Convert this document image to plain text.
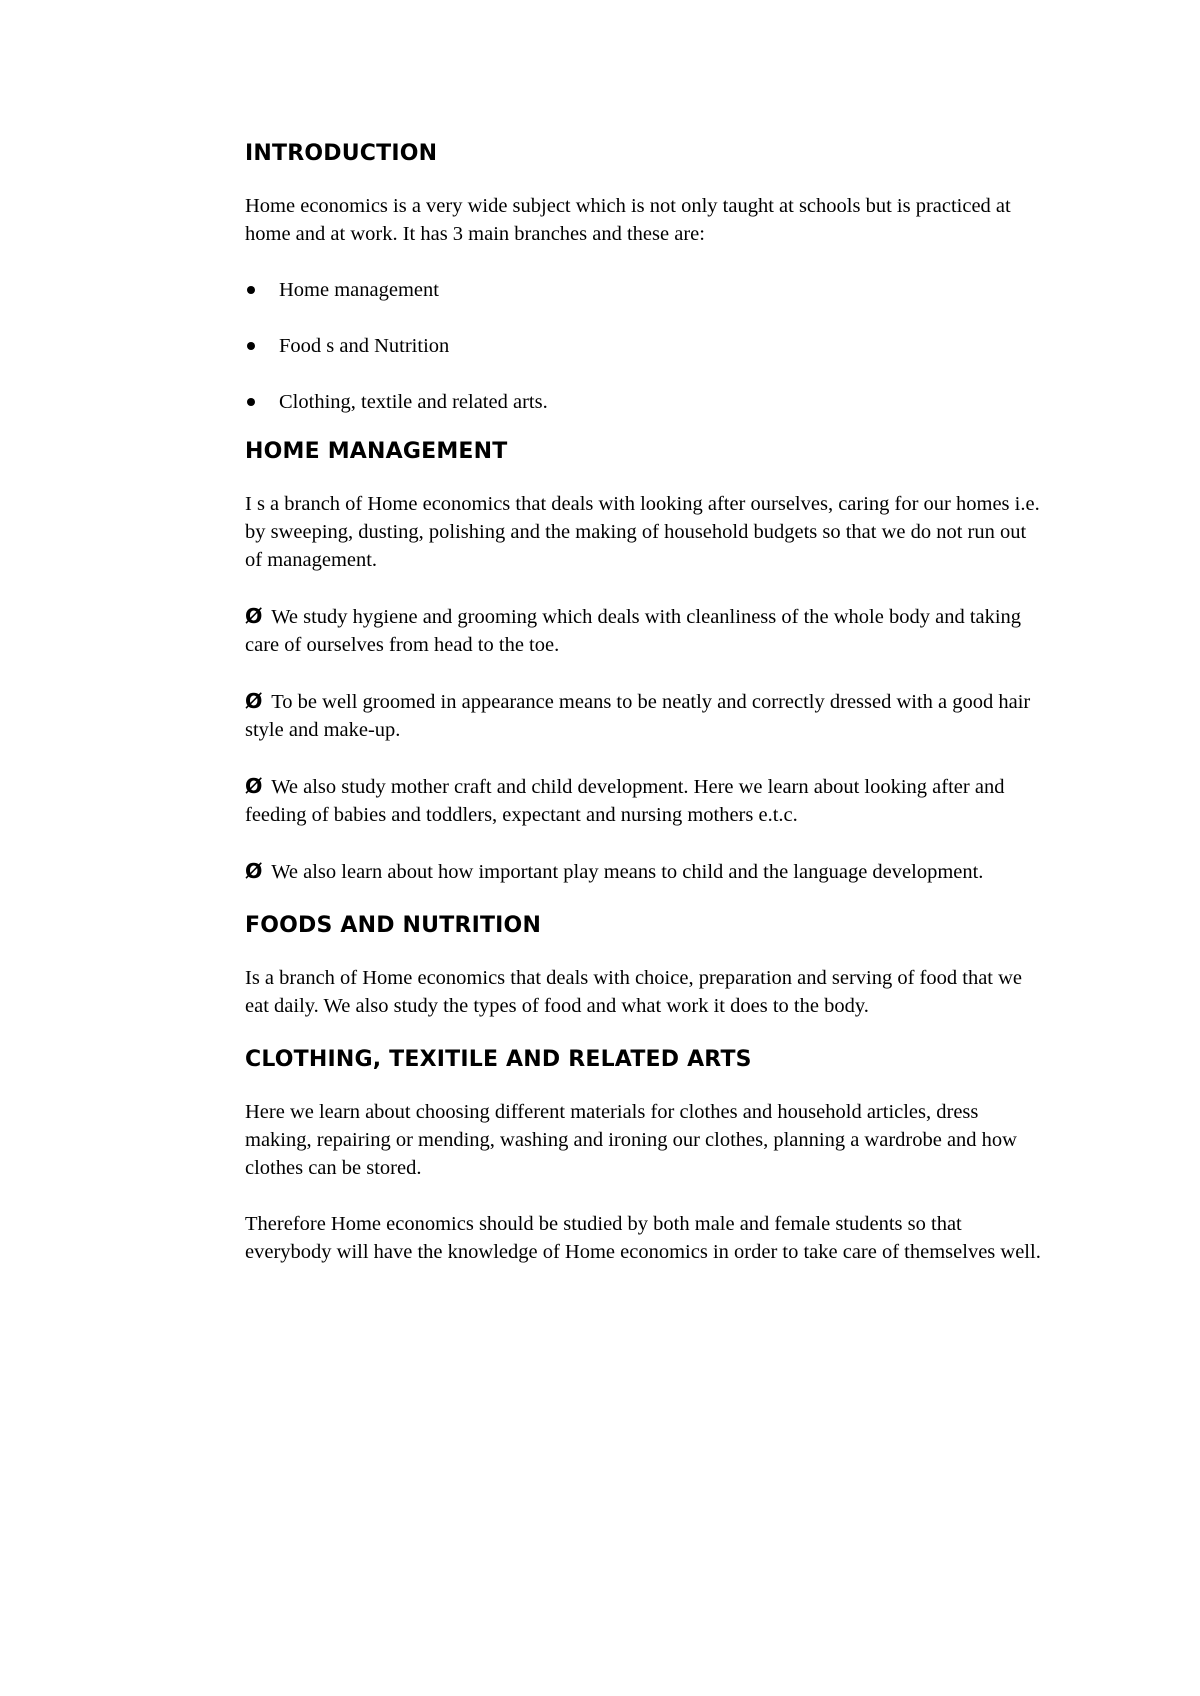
INTRODUCTION

Home economics is a very wide subject which is not only taught at schools but is practiced at home and at work. It has 3 main branches and these are:

Home management
Food s and Nutrition
Clothing, textile and related arts.
HOME MANAGEMENT

I s a branch of Home economics that deals with looking after ourselves, caring for our homes i.e. by sweeping, dusting, polishing and the making of household budgets so that we do not run out of management.

Ø We study hygiene and grooming which deals with cleanliness of the whole body and taking care of ourselves from head to the toe.

Ø To be well groomed in appearance means to be neatly and correctly dressed with a good hair style and make-up.

Ø We also study mother craft and child development. Here we learn about looking after and feeding of babies and toddlers, expectant and nursing mothers e.t.c.

Ø We also learn about how important play means to child and the language development.

FOODS AND NUTRITION

Is a branch of Home economics that deals with choice, preparation and serving of food that we eat daily. We also study the types of food and what work it does to the body.

CLOTHING, TEXITILE AND RELATED ARTS

Here we learn about choosing different materials for clothes and household articles, dress making, repairing or mending, washing and ironing our clothes, planning a wardrobe and how clothes can be stored.

Therefore Home economics should be studied by both male and female students so that everybody will have the knowledge of Home economics in order to take care of themselves well.
